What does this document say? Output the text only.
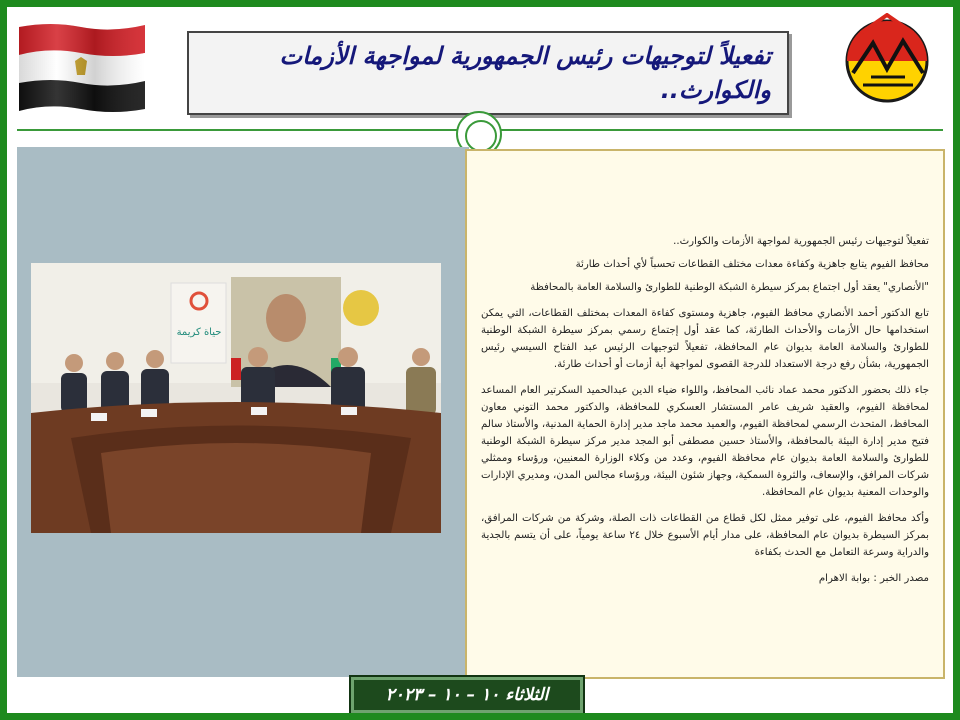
تفعيلاً لتوجيهات رئيس الجمهورية لمواجهة الأزمات والكوارث..
حياة كريمة

تفعيلاً لتوجيهات رئيس الجمهورية لمواجهة الأزمات والكوارث..

محافظ الفيوم يتابع جاهزية وكفاءة معدات مختلف القطاعات تحسباً لأي أحداث طارئة

"الأنصاري" يعقد أول اجتماع بمركز سيطرة الشبكة الوطنية للطوارئ والسلامة العامة بالمحافظة

تابع الدكتور أحمد الأنصاري محافظ الفيوم، جاهزية ومستوى كفاءة المعدات بمختلف القطاعات، التي يمكن استخدامها حال الأزمات والأحداث الطارئة، كما عقد أول إجتماع رسمي بمركز سيطرة الشبكة الوطنية للطوارئ والسلامة العامة بديوان عام المحافظة، تفعيلاً لتوجيهات الرئيس عبد الفتاح السيسي رئيس الجمهورية، بشأن رفع درجة الاستعداد للدرجة القصوى لمواجهة أية أزمات أو أحداث طارئة.

جاء ذلك بحضور الدكتور محمد عماد نائب المحافظ، واللواء ضياء الدين عبدالحميد السكرتير العام المساعد لمحافظة الفيوم، والعقيد شريف عامر المستشار العسكري للمحافظة، والدكتور محمد التوني معاون المحافظ، المتحدث الرسمي لمحافظة الفيوم، والعميد محمد ماجد مدير إدارة الحماية المدنية، والأستاذ سالم فتيح مدير إدارة البيئة بالمحافظة، والأستاذ حسين مصطفى أبو المجد مدير مركز سيطرة الشبكة الوطنية للطوارئ والسلامة العامة بديوان عام محافظة الفيوم، وعدد من وكلاء الوزارة المعنيين، ورؤساء وممثلي شركات المرافق، والإسعاف، والثروة السمكية، وجهاز شئون البيئة، ورؤساء مجالس المدن، ومديري الإدارات والوحدات المعنية بديوان عام المحافظة.

وأكد محافظ الفيوم، على توفير ممثل لكل قطاع من القطاعات ذات الصلة، وشركة من شركات المرافق، بمركز السيطرة بديوان عام المحافظة، على مدار أيام الأسبوع خلال ٢٤ ساعة يومياً، على أن يتسم بالجدية والدراية وسرعة التعامل مع الحدث بكفاءة

مصدر الخبر : بوابة الاهرام

الثلاثاء ١٠ – ١٠ – ٢٠٢٣
